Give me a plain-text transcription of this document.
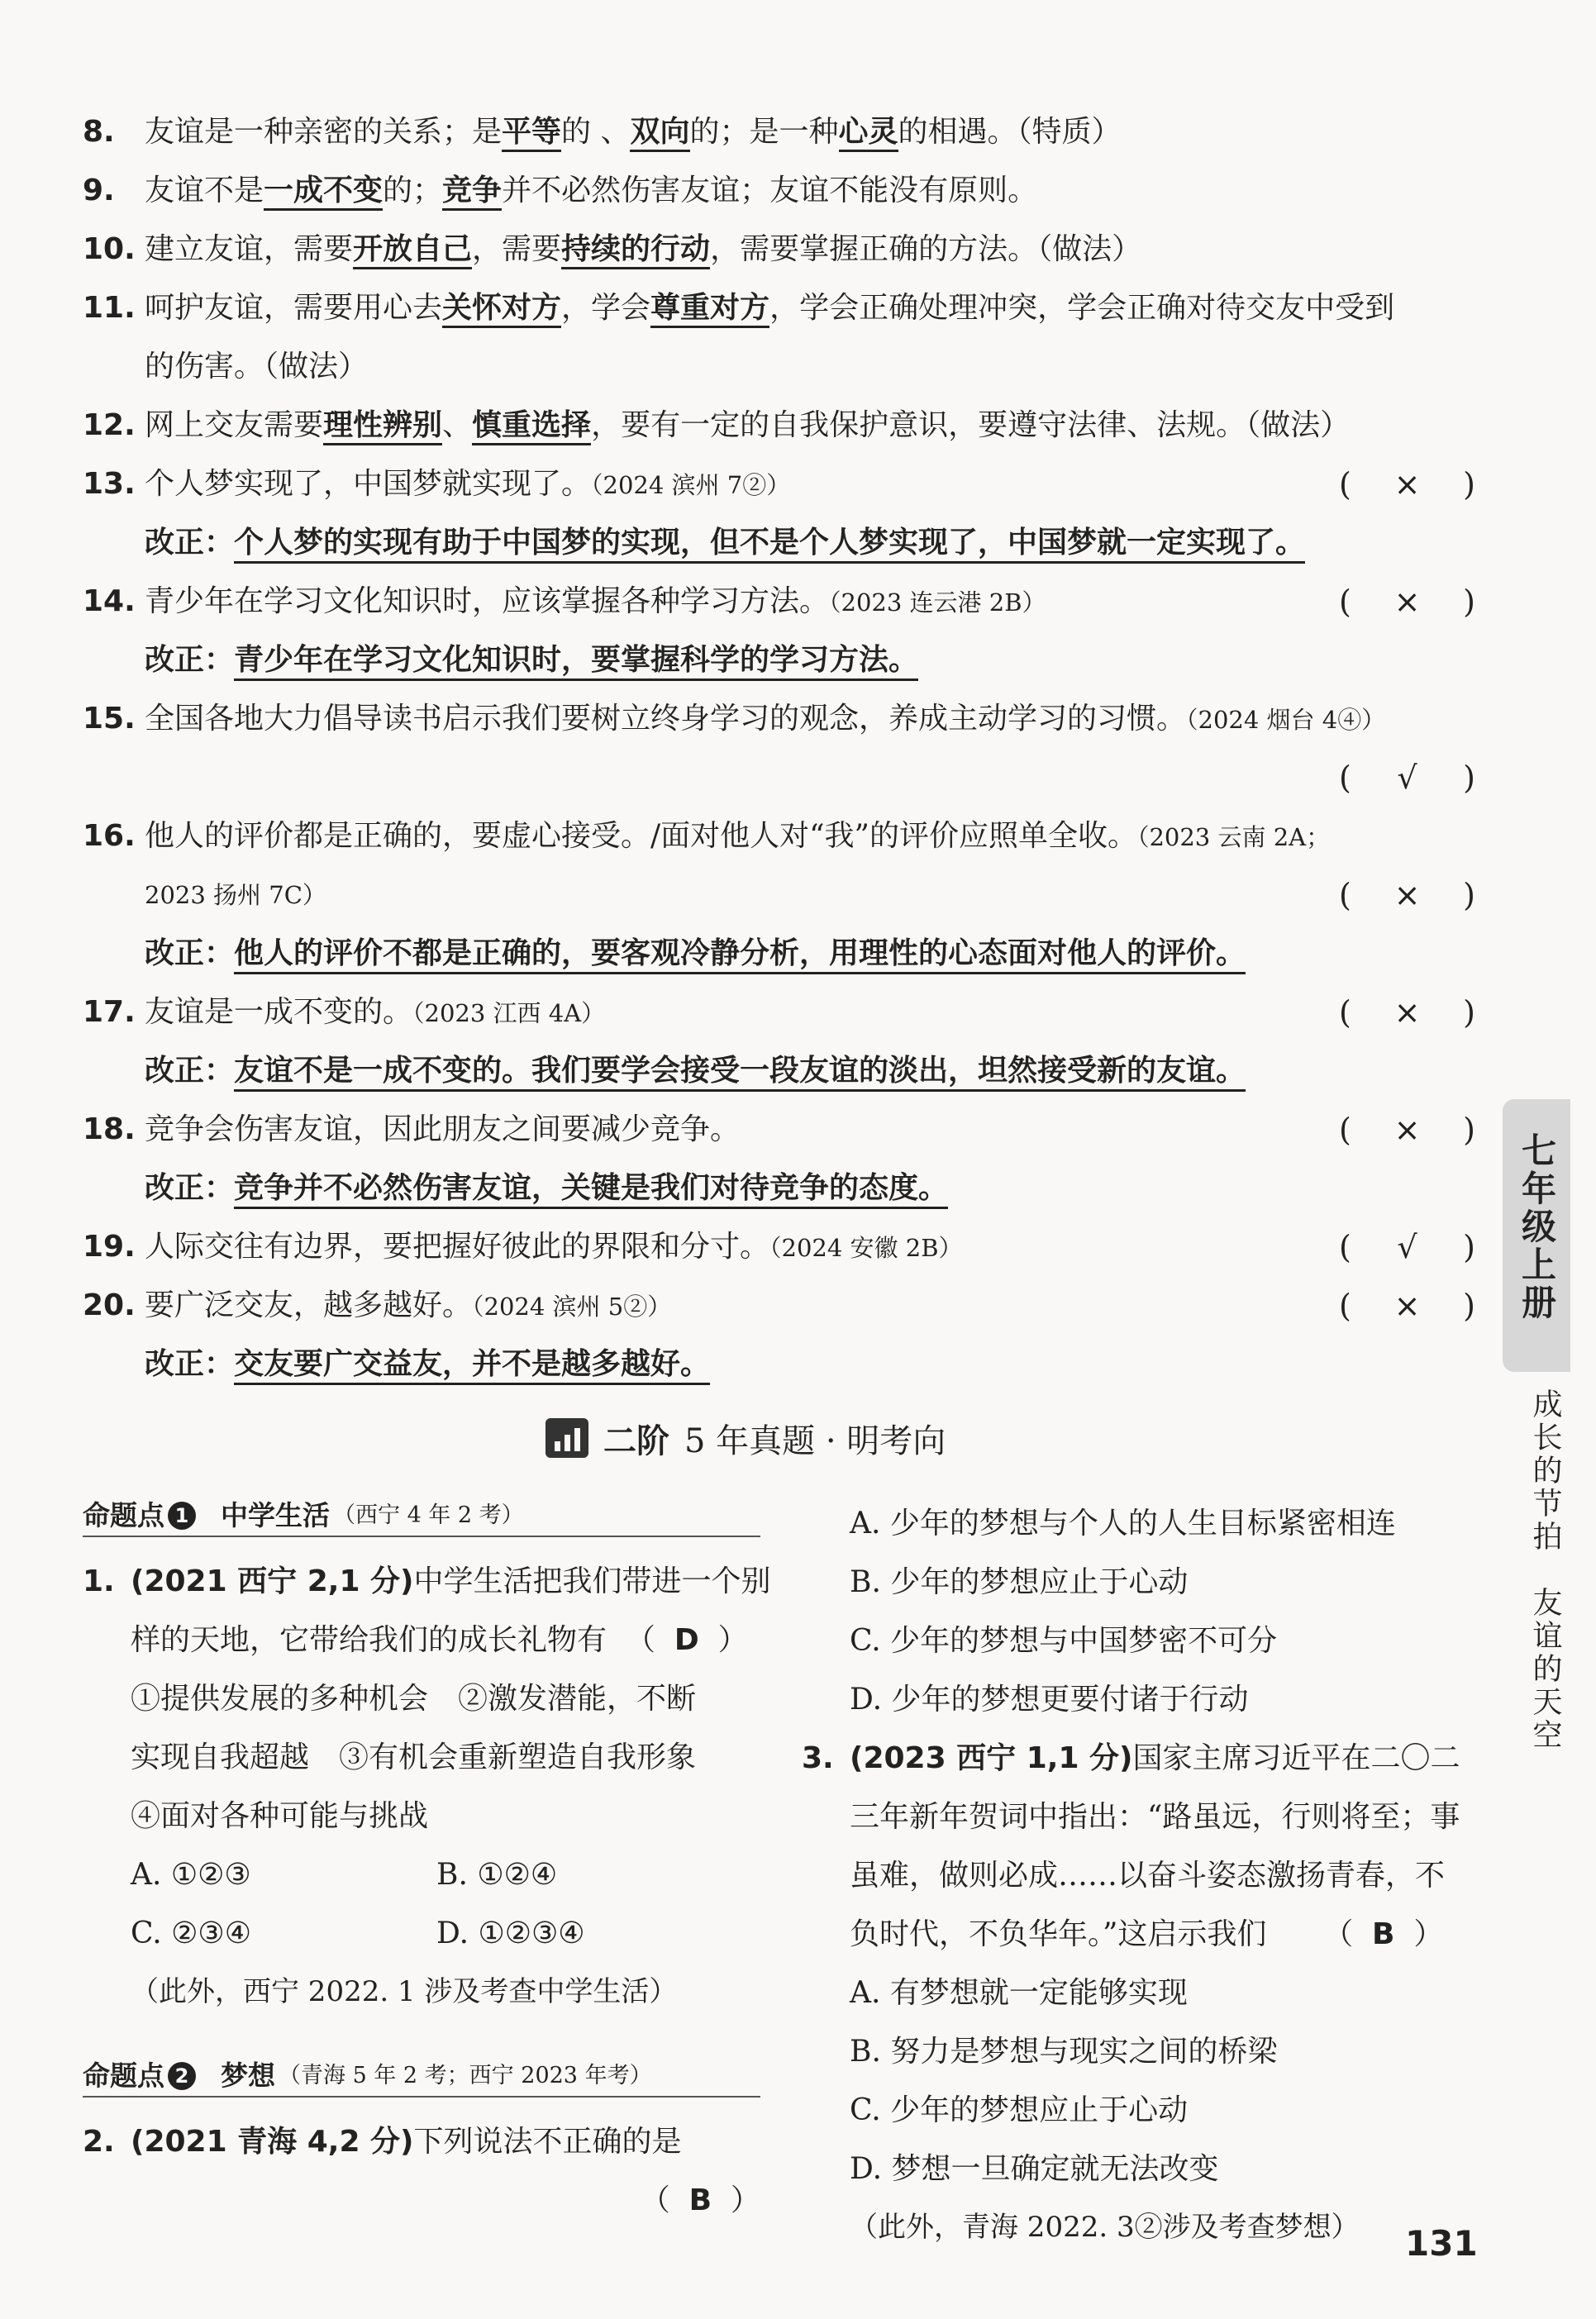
8. 友谊是一种亲密的关系；是平等的 、双向的；是一种心灵的相遇。（特质）
9. 友谊不是一成不变的；竞争并不必然伤害友谊；友谊不能没有原则。
10. 建立友谊，需要开放自己，需要持续的行动，需要掌握正确的方法。（做法）
11. 呵护友谊，需要用心去关怀对方，学会尊重对方，学会正确处理冲突，学会正确对待交友中受到
的伤害。（做法）
12. 网上交友需要理性辨别、慎重选择，要有一定的自我保护意识，要遵守法律、法规。（做法）
13. 个人梦实现了，中国梦就实现了。（2024 滨州 7②）	( × )
改正：个人梦的实现有助于中国梦的实现，但不是个人梦实现了，中国梦就一定实现了。
14. 青少年在学习文化知识时，应该掌握各种学习方法。（2023 连云港 2B）	( × )
改正：青少年在学习文化知识时，要掌握科学的学习方法。
15. 全国各地大力倡导读书启示我们要树立终身学习的观念，养成主动学习的习惯。（2024 烟台 4④）
( √ )
16. 他人的评价都是正确的，要虚心接受。/面对他人对“我”的评价应照单全收。（2023 云南 2A；
2023 扬州 7C）	( × )
改正：他人的评价不都是正确的，要客观冷静分析，用理性的心态面对他人的评价。
17. 友谊是一成不变的。（2023 江西 4A）	( × )
改正：友谊不是一成不变的。我们要学会接受一段友谊的淡出，坦然接受新的友谊。
18. 竞争会伤害友谊，因此朋友之间要减少竞争。	( × )
改正：竞争并不必然伤害友谊，关键是我们对待竞争的态度。
19. 人际交往有边界，要把握好彼此的界限和分寸。（2024 安徽 2B）	( √ )
20. 要广泛交友，越多越好。（2024 滨州 5②）	( × )
改正：交友要广交益友，并不是越多越好。
二阶 5 年真题 · 明考向
命题点 1 中学生活 （西宁 4 年 2 考）
1. (2021 西宁 2,1 分)中学生活把我们带进一个别
样的天地，它带给我们的成长礼物有 （ D ）
①提供发展的多种机会　②激发潜能，不断
实现自我超越　③有机会重新塑造自我形象
④面对各种可能与挑战
A. ①②③	B. ①②④
C. ②③④	D. ①②③④
（此外，西宁 2022. 1 涉及考查中学生活）
命题点 2 梦想 （青海 5 年 2 考；西宁 2023 年考）
2. (2021 青海 4,2 分)下列说法不正确的是
（ B ）
A. 少年的梦想与个人的人生目标紧密相连
B. 少年的梦想应止于心动
C. 少年的梦想与中国梦密不可分
D. 少年的梦想更要付诸于行动
3. (2023 西宁 1,1 分)国家主席习近平在二〇二
三年新年贺词中指出：“路虽远，行则将至；事
虽难，做则必成……以奋斗姿态激扬青春，不
负时代，不负华年。”这启示我们 （ B ）
A. 有梦想就一定能够实现
B. 努力是梦想与现实之间的桥梁
C. 少年的梦想应止于心动
D. 梦想一旦确定就无法改变
（此外，青海 2022. 3②涉及考查梦想）
七年级上册
成长的节拍　友谊的天空
131
